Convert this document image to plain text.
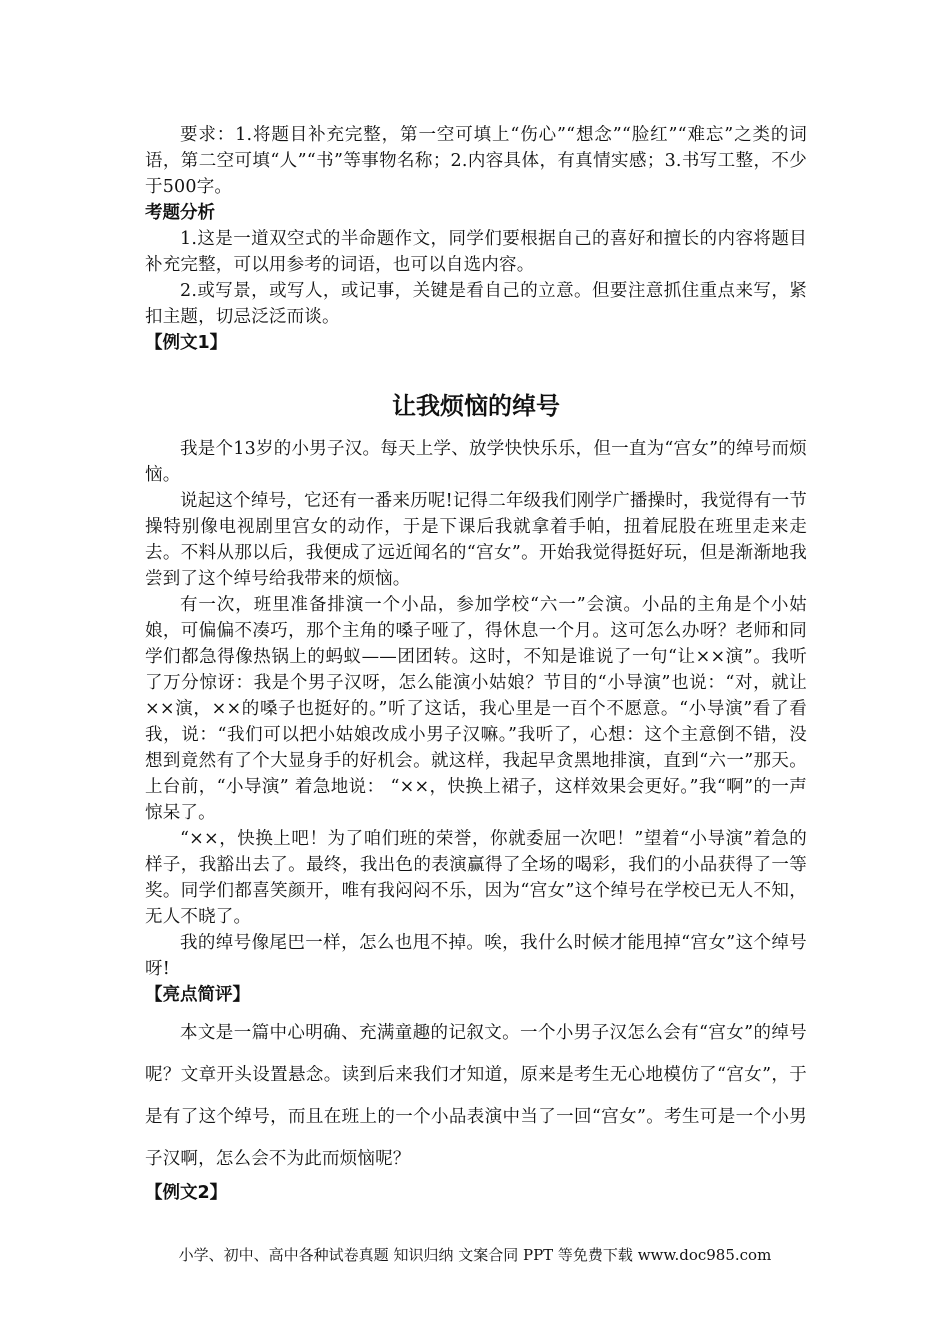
要求：1.将题目补充完整，第一空可填上“伤心”“想念”“脸红”“难忘”之类的词语，第二空可填“人”“书”等事物名称；2.内容具体，有真情实感；3.书写工整，不少于500字。

考题分析

1.这是一道双空式的半命题作文，同学们要根据自己的喜好和擅长的内容将题目补充完整，可以用参考的词语，也可以自选内容。

2.或写景，或写人，或记事，关键是看自己的立意。但要注意抓住重点来写，紧扣主题，切忌泛泛而谈。

【例文1】

让我烦恼的绰号

我是个13岁的小男子汉。每天上学、放学快快乐乐，但一直为“宫女”的绰号而烦恼。

说起这个绰号，它还有一番来历呢!记得二年级我们刚学广播操时，我觉得有一节操特别像电视剧里宫女的动作，于是下课后我就拿着手帕，扭着屁股在班里走来走去。不料从那以后，我便成了远近闻名的“宫女”。开始我觉得挺好玩，但是渐渐地我尝到了这个绰号给我带来的烦恼。

有一次，班里准备排演一个小品，参加学校“六一”会演。小品的主角是个小姑娘，可偏偏不凑巧，那个主角的嗓子哑了，得休息一个月。这可怎么办呀？老师和同学们都急得像热锅上的蚂蚁——团团转。这时，不知是谁说了一句“让××演”。我听了万分惊讶：我是个男子汉呀，怎么能演小姑娘？节目的“小导演”也说：“对，就让××演，××的嗓子也挺好的。”听了这话，我心里是一百个不愿意。“小导演”看了看我，说：“我们可以把小姑娘改成小男子汉嘛。”我听了，心想：这个主意倒不错，没想到竟然有了个大显身手的好机会。就这样，我起早贪黑地排演，直到“六一”那天。上台前，“小导演” 着急地说： “××，快换上裙子，这样效果会更好。”我“啊”的一声惊呆了。

“××，快换上吧！为了咱们班的荣誉，你就委屈一次吧！”望着“小导演”着急的样子，我豁出去了。最终，我出色的表演赢得了全场的喝彩，我们的小品获得了一等奖。同学们都喜笑颜开，唯有我闷闷不乐，因为“宫女”这个绰号在学校已无人不知，无人不晓了。

我的绰号像尾巴一样，怎么也甩不掉。唉，我什么时候才能甩掉“宫女”这个绰号呀!

【亮点简评】

本文是一篇中心明确、充满童趣的记叙文。一个小男子汉怎么会有“宫女”的绰号呢？文章开头设置悬念。读到后来我们才知道，原来是考生无心地模仿了“宫女”，于是有了这个绰号，而且在班上的一个小品表演中当了一回“宫女”。考生可是一个小男子汉啊，怎么会不为此而烦恼呢？

【例文2】

小学、初中、高中各种试卷真题 知识归纳 文案合同 PPT 等免费下载 www.doc985.com
